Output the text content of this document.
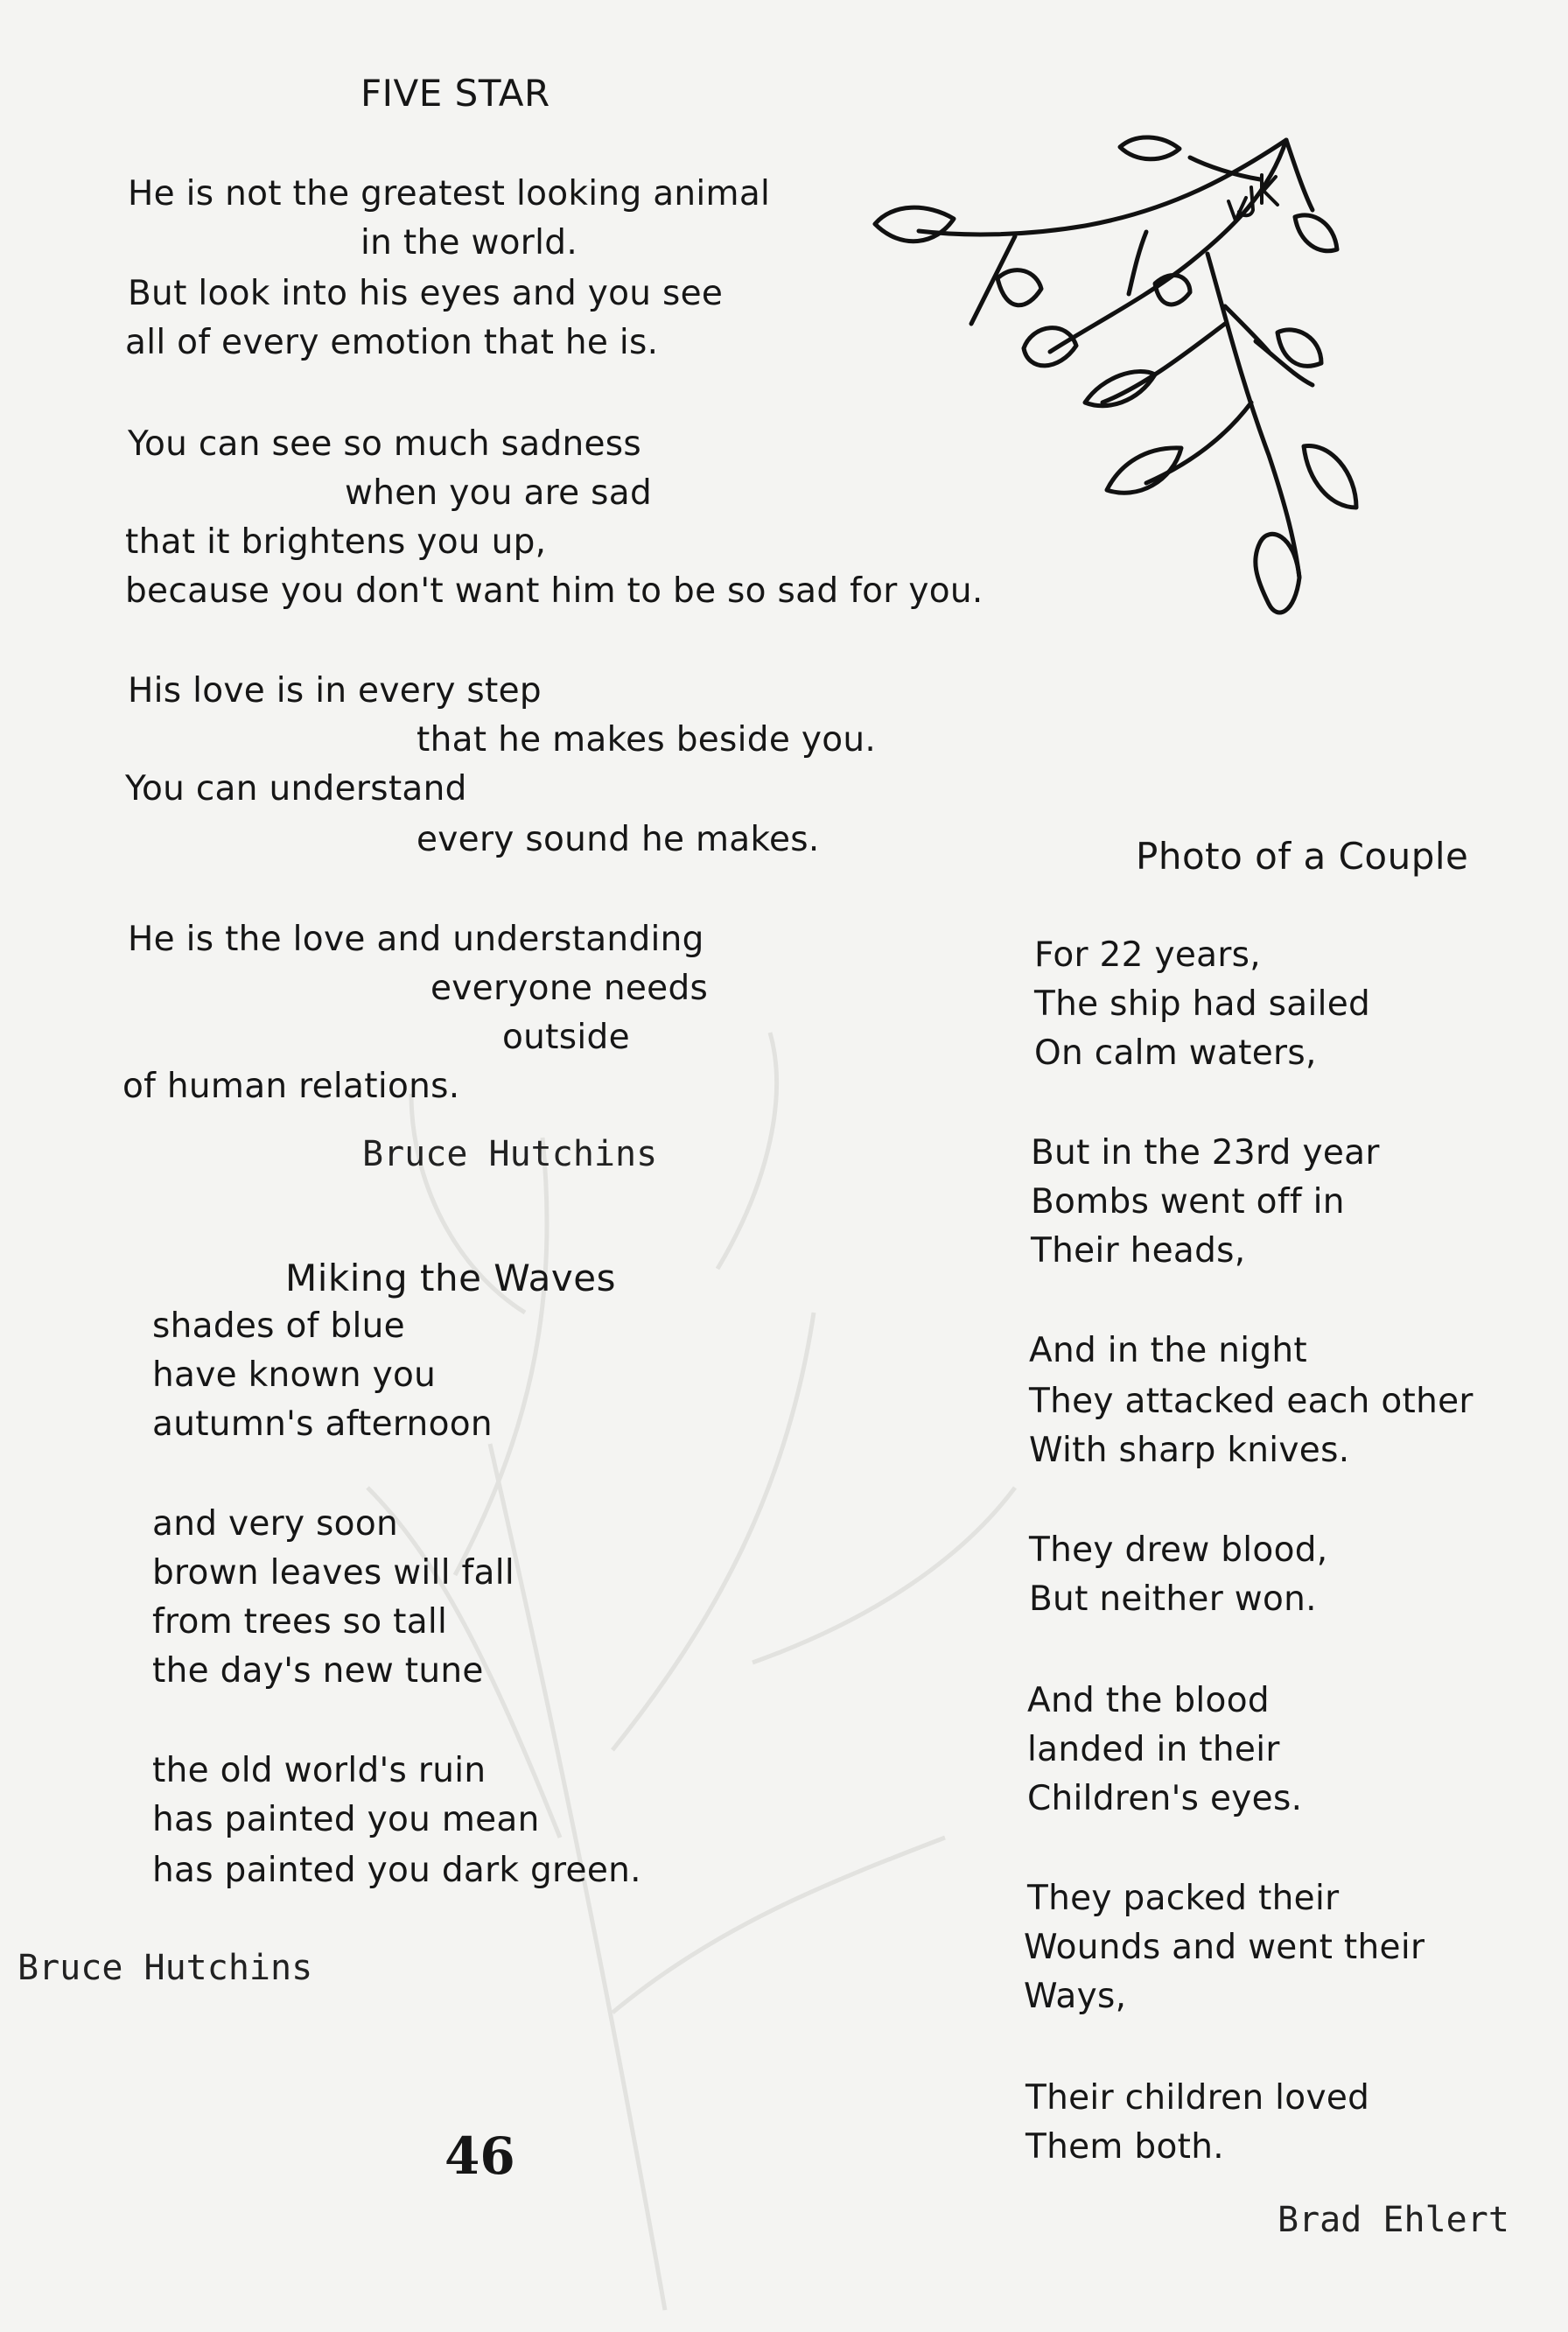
FIVE STAR
He is not the greatest looking animal
in the world.
But look into his eyes and you see
all of every emotion that he is.
You can see so much sadness
when you are sad
that it brightens you up,
because you don't want him to be so sad for you.
His love is in every step
that he makes beside you.
You can understand
every sound he makes.
He is the love and understanding
everyone needs
outside
of human relations.
Bruce Hutchins
Miking the Waves
shades of blue
have known you
autumn's afternoon
and very soon
brown leaves will fall
from trees so tall
the day's new tune
the old world's ruin
has painted you mean
has painted you dark green.
Bruce Hutchins
Photo of a Couple
For 22 years,
The ship had sailed
On calm waters,
But in the 23rd year
Bombs went off in
Their heads,
And in the night
They attacked each other
With sharp knives.
They drew blood,
But neither won.
And the blood
landed in their
Children's eyes.
They packed their
Wounds and went their
Ways,
Their children loved
Them both.
Brad Ehlert
46
